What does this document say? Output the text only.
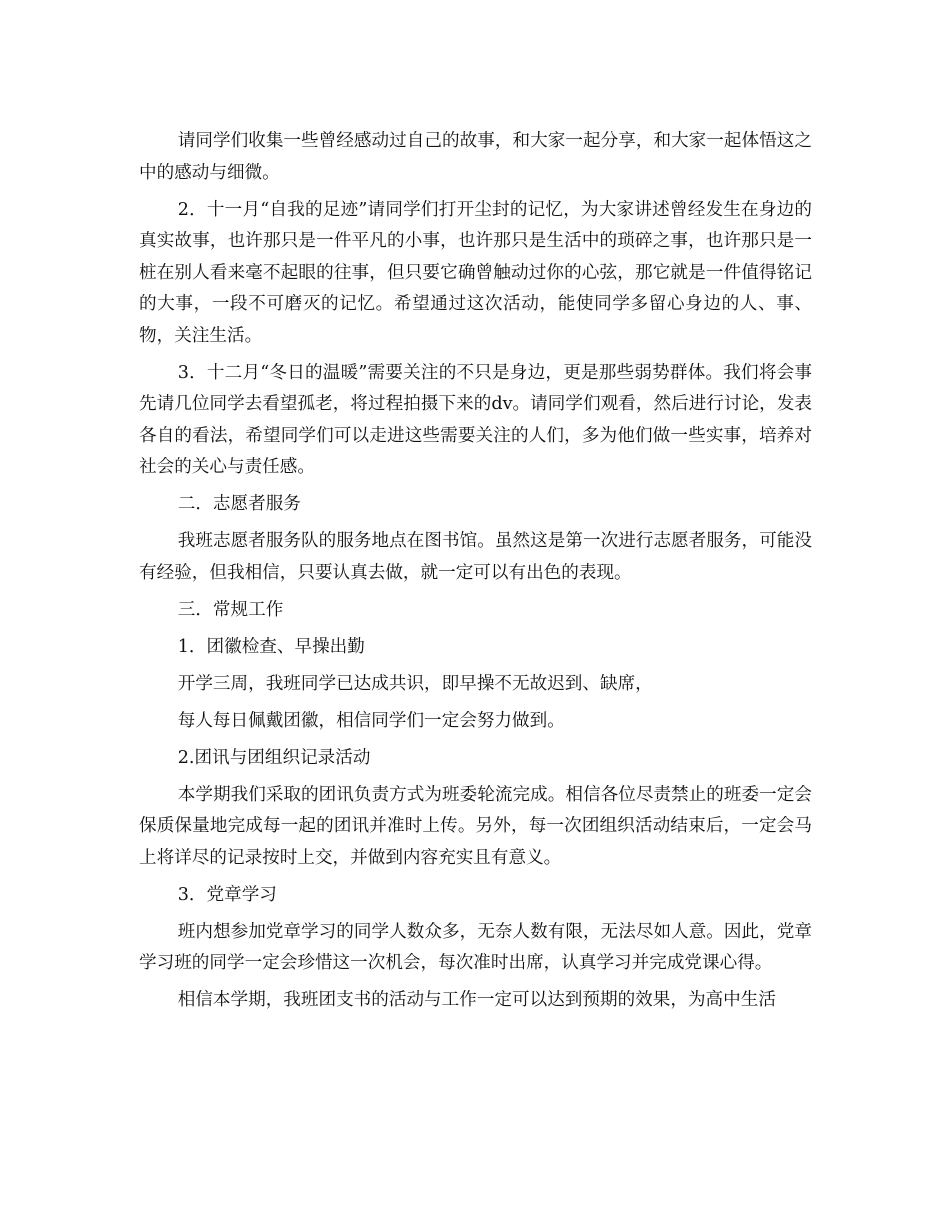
请同学们收集一些曾经感动过自己的故事，和大家一起分享，和大家一起体悟这之中的感动与细微。

2．十一月“自我的足迹”请同学们打开尘封的记忆，为大家讲述曾经发生在身边的真实故事，也许那只是一件平凡的小事，也许那只是生活中的琐碎之事，也许那只是一桩在别人看来毫不起眼的往事，但只要它确曾触动过你的心弦，那它就是一件值得铭记的大事，一段不可磨灭的记忆。希望通过这次活动，能使同学多留心身边的人、事、物，关注生活。

3．十二月“冬日的温暖”需要关注的不只是身边，更是那些弱势群体。我们将会事先请几位同学去看望孤老，将过程拍摄下来的dv。请同学们观看，然后进行讨论，发表各自的看法，希望同学们可以走进这些需要关注的人们，多为他们做一些实事，培养对社会的关心与责任感。

二．志愿者服务

我班志愿者服务队的服务地点在图书馆。虽然这是第一次进行志愿者服务，可能没有经验，但我相信，只要认真去做，就一定可以有出色的表现。

三．常规工作

1．团徽检查、早操出勤

开学三周，我班同学已达成共识，即早操不无故迟到、缺席，

每人每日佩戴团徽，相信同学们一定会努力做到。

2.团讯与团组织记录活动

本学期我们采取的团讯负责方式为班委轮流完成。相信各位尽责禁止的班委一定会保质保量地完成每一起的团讯并准时上传。另外，每一次团组织活动结束后，一定会马上将详尽的记录按时上交，并做到内容充实且有意义。

3．党章学习

班内想参加党章学习的同学人数众多，无奈人数有限，无法尽如人意。因此，党章学习班的同学一定会珍惜这一次机会，每次准时出席，认真学习并完成党课心得。

相信本学期，我班团支书的活动与工作一定可以达到预期的效果，为高中生活
